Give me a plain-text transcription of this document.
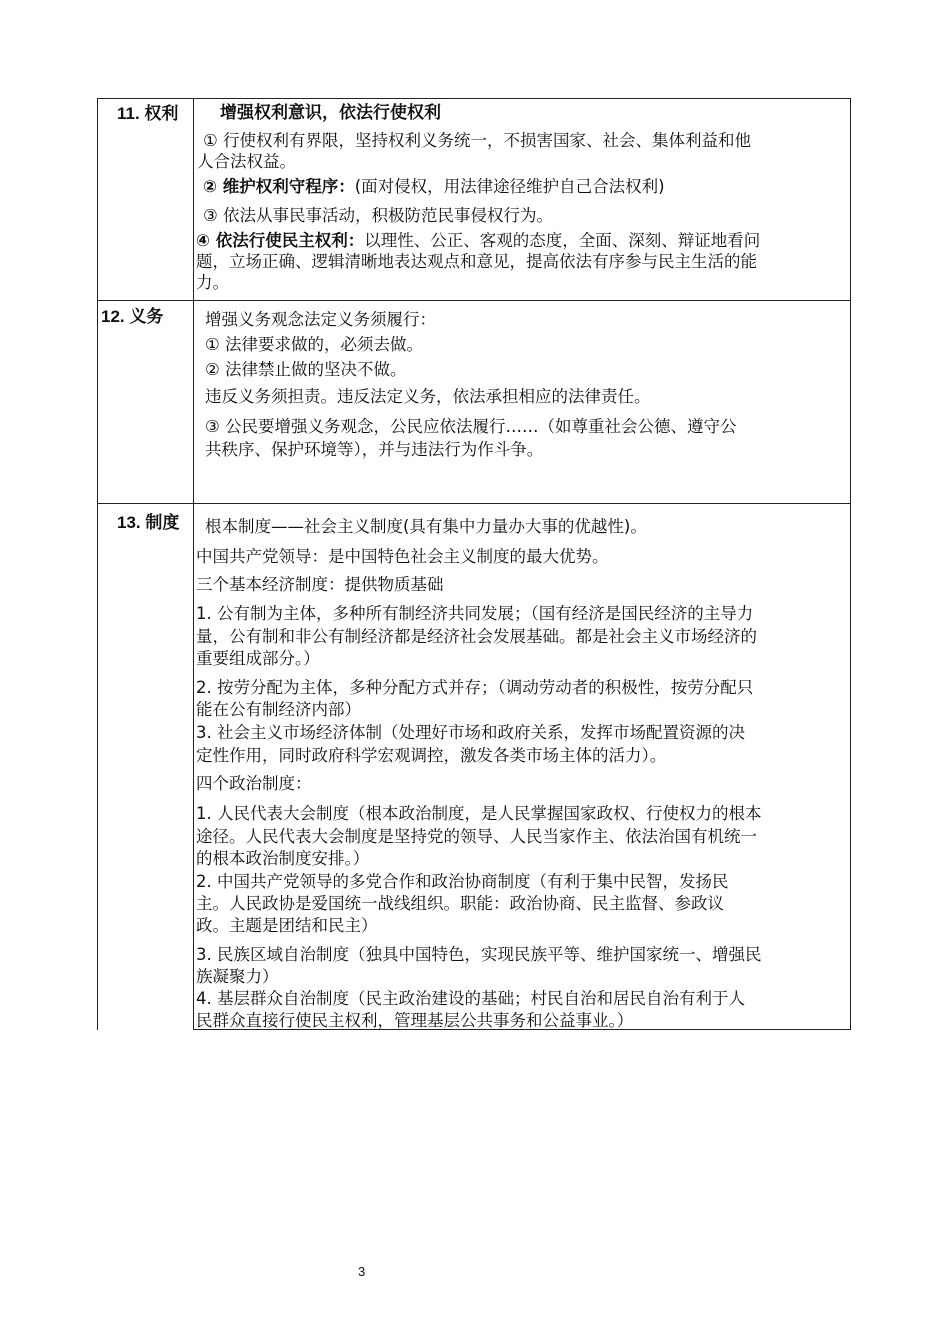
11. 权利 增强权利意识，依法行使权利
① 行使权利有界限，坚持权利义务统一，不损害国家、社会、集体利益和他
人合法权益。
② 维护权利守程序：(面对侵权，用法律途径维护自己合法权利)
③ 依法从事民事活动，积极防范民事侵权行为。
④ 依法行使民主权利：以理性、公正、客观的态度，全面、深刻、辩证地看问
题，立场正确、逻辑清晰地表达观点和意见，提高依法有序参与民主生活的能
力。
12. 义务	增强义务观念法定义务须履行：
① 法律要求做的，必须去做。
② 法律禁止做的坚决不做。
违反义务须担责。违反法定义务，依法承担相应的法律责任。
③ 公民要增强义务观念，公民应依法履行……（如尊重社会公德、遵守公
共秩序、保护环境等），并与违法行为作斗争。
13. 制度 根本制度——社会主义制度(具有集中力量办大事的优越性)。
中国共产党领导：是中国特色社会主义制度的最大优势。
三个基本经济制度：提供物质基础
1. 公有制为主体，多种所有制经济共同发展；（国有经济是国民经济的主导力
量，公有制和非公有制经济都是经济社会发展基础。都是社会主义市场经济的
重要组成部分。）
2. 按劳分配为主体，多种分配方式并存；（调动劳动者的积极性，按劳分配只
能在公有制经济内部）
3. 社会主义市场经济体制（处理好市场和政府关系，发挥市场配置资源的决
定性作用，同时政府科学宏观调控，激发各类市场主体的活力）。
四个政治制度：
1. 人民代表大会制度（根本政治制度，是人民掌握国家政权、行使权力的根本
途径。人民代表大会制度是坚持党的领导、人民当家作主、依法治国有机统一
的根本政治制度安排。）
2. 中国共产党领导的多党合作和政治协商制度（有利于集中民智，发扬民
主。人民政协是爱国统一战线组织。职能：政治协商、民主监督、参政议
政。主题是团结和民主）
3. 民族区域自治制度（独具中国特色，实现民族平等、维护国家统一、增强民
族凝聚力）
4. 基层群众自治制度（民主政治建设的基础；村民自治和居民自治有利于人
民群众直接行使民主权利，管理基层公共事务和公益事业。）
3
